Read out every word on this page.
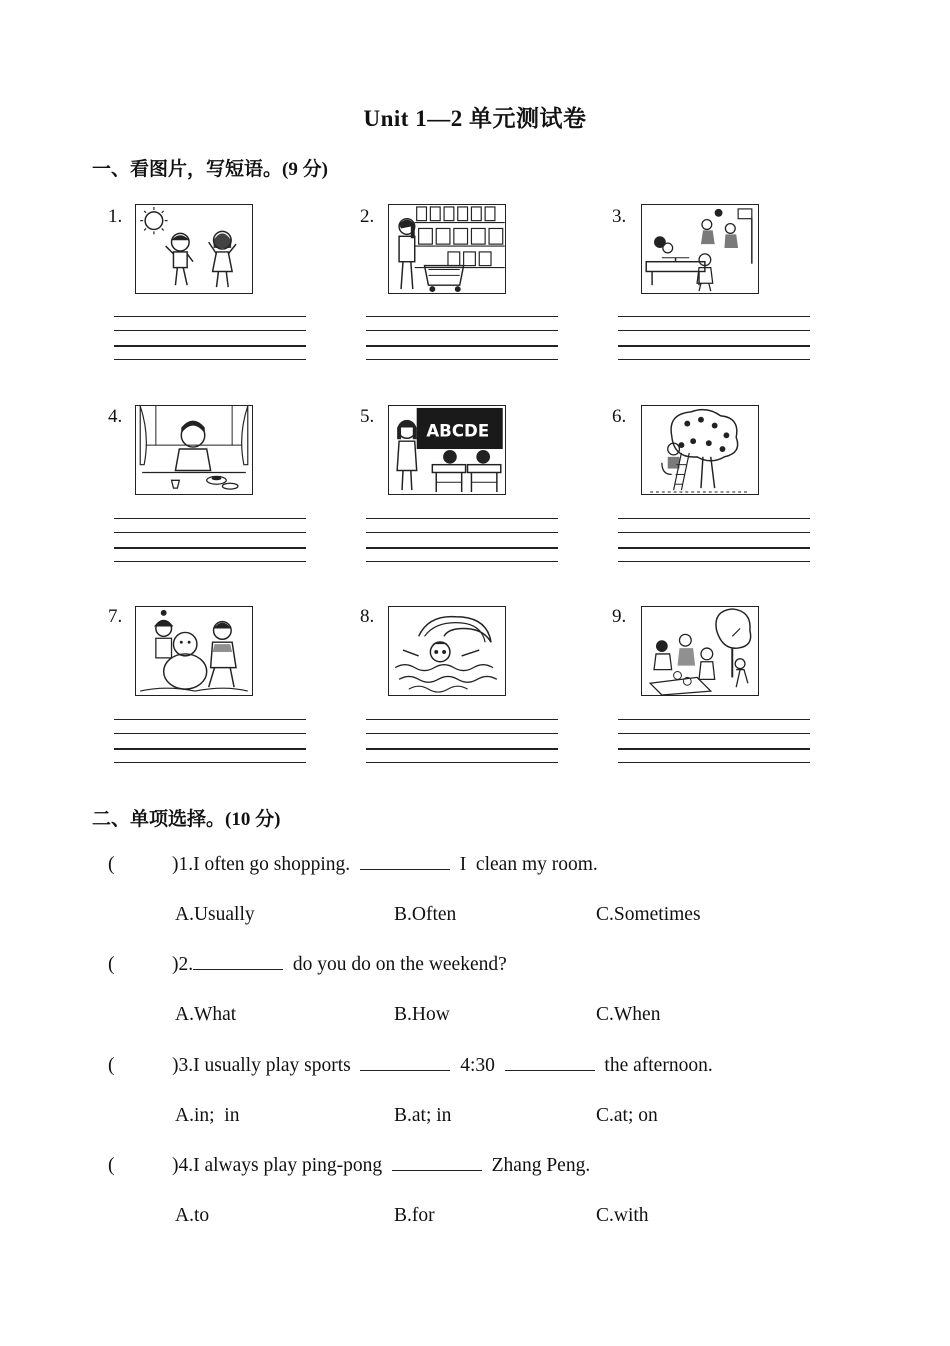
Unit 1—2 单元测试卷
一、看图片，写短语。(9 分)
1.	2.	3.
4.	5.
ABCDE
6.
7.	8.	9.
二、单项选择。(10 分)
(	)1.I often go shopping.	I  clean my room.
A.Usually	B.Often	C.Sometimes
(	)2.	do you do on the weekend?
A.What	B.How	C.When
(	)3.I usually play sports	4:30	the afternoon.
A.in;  in	B.at; in	C.at; on
(	)4.I always play ping-pong	Zhang Peng.
A.to	B.for	C.with
